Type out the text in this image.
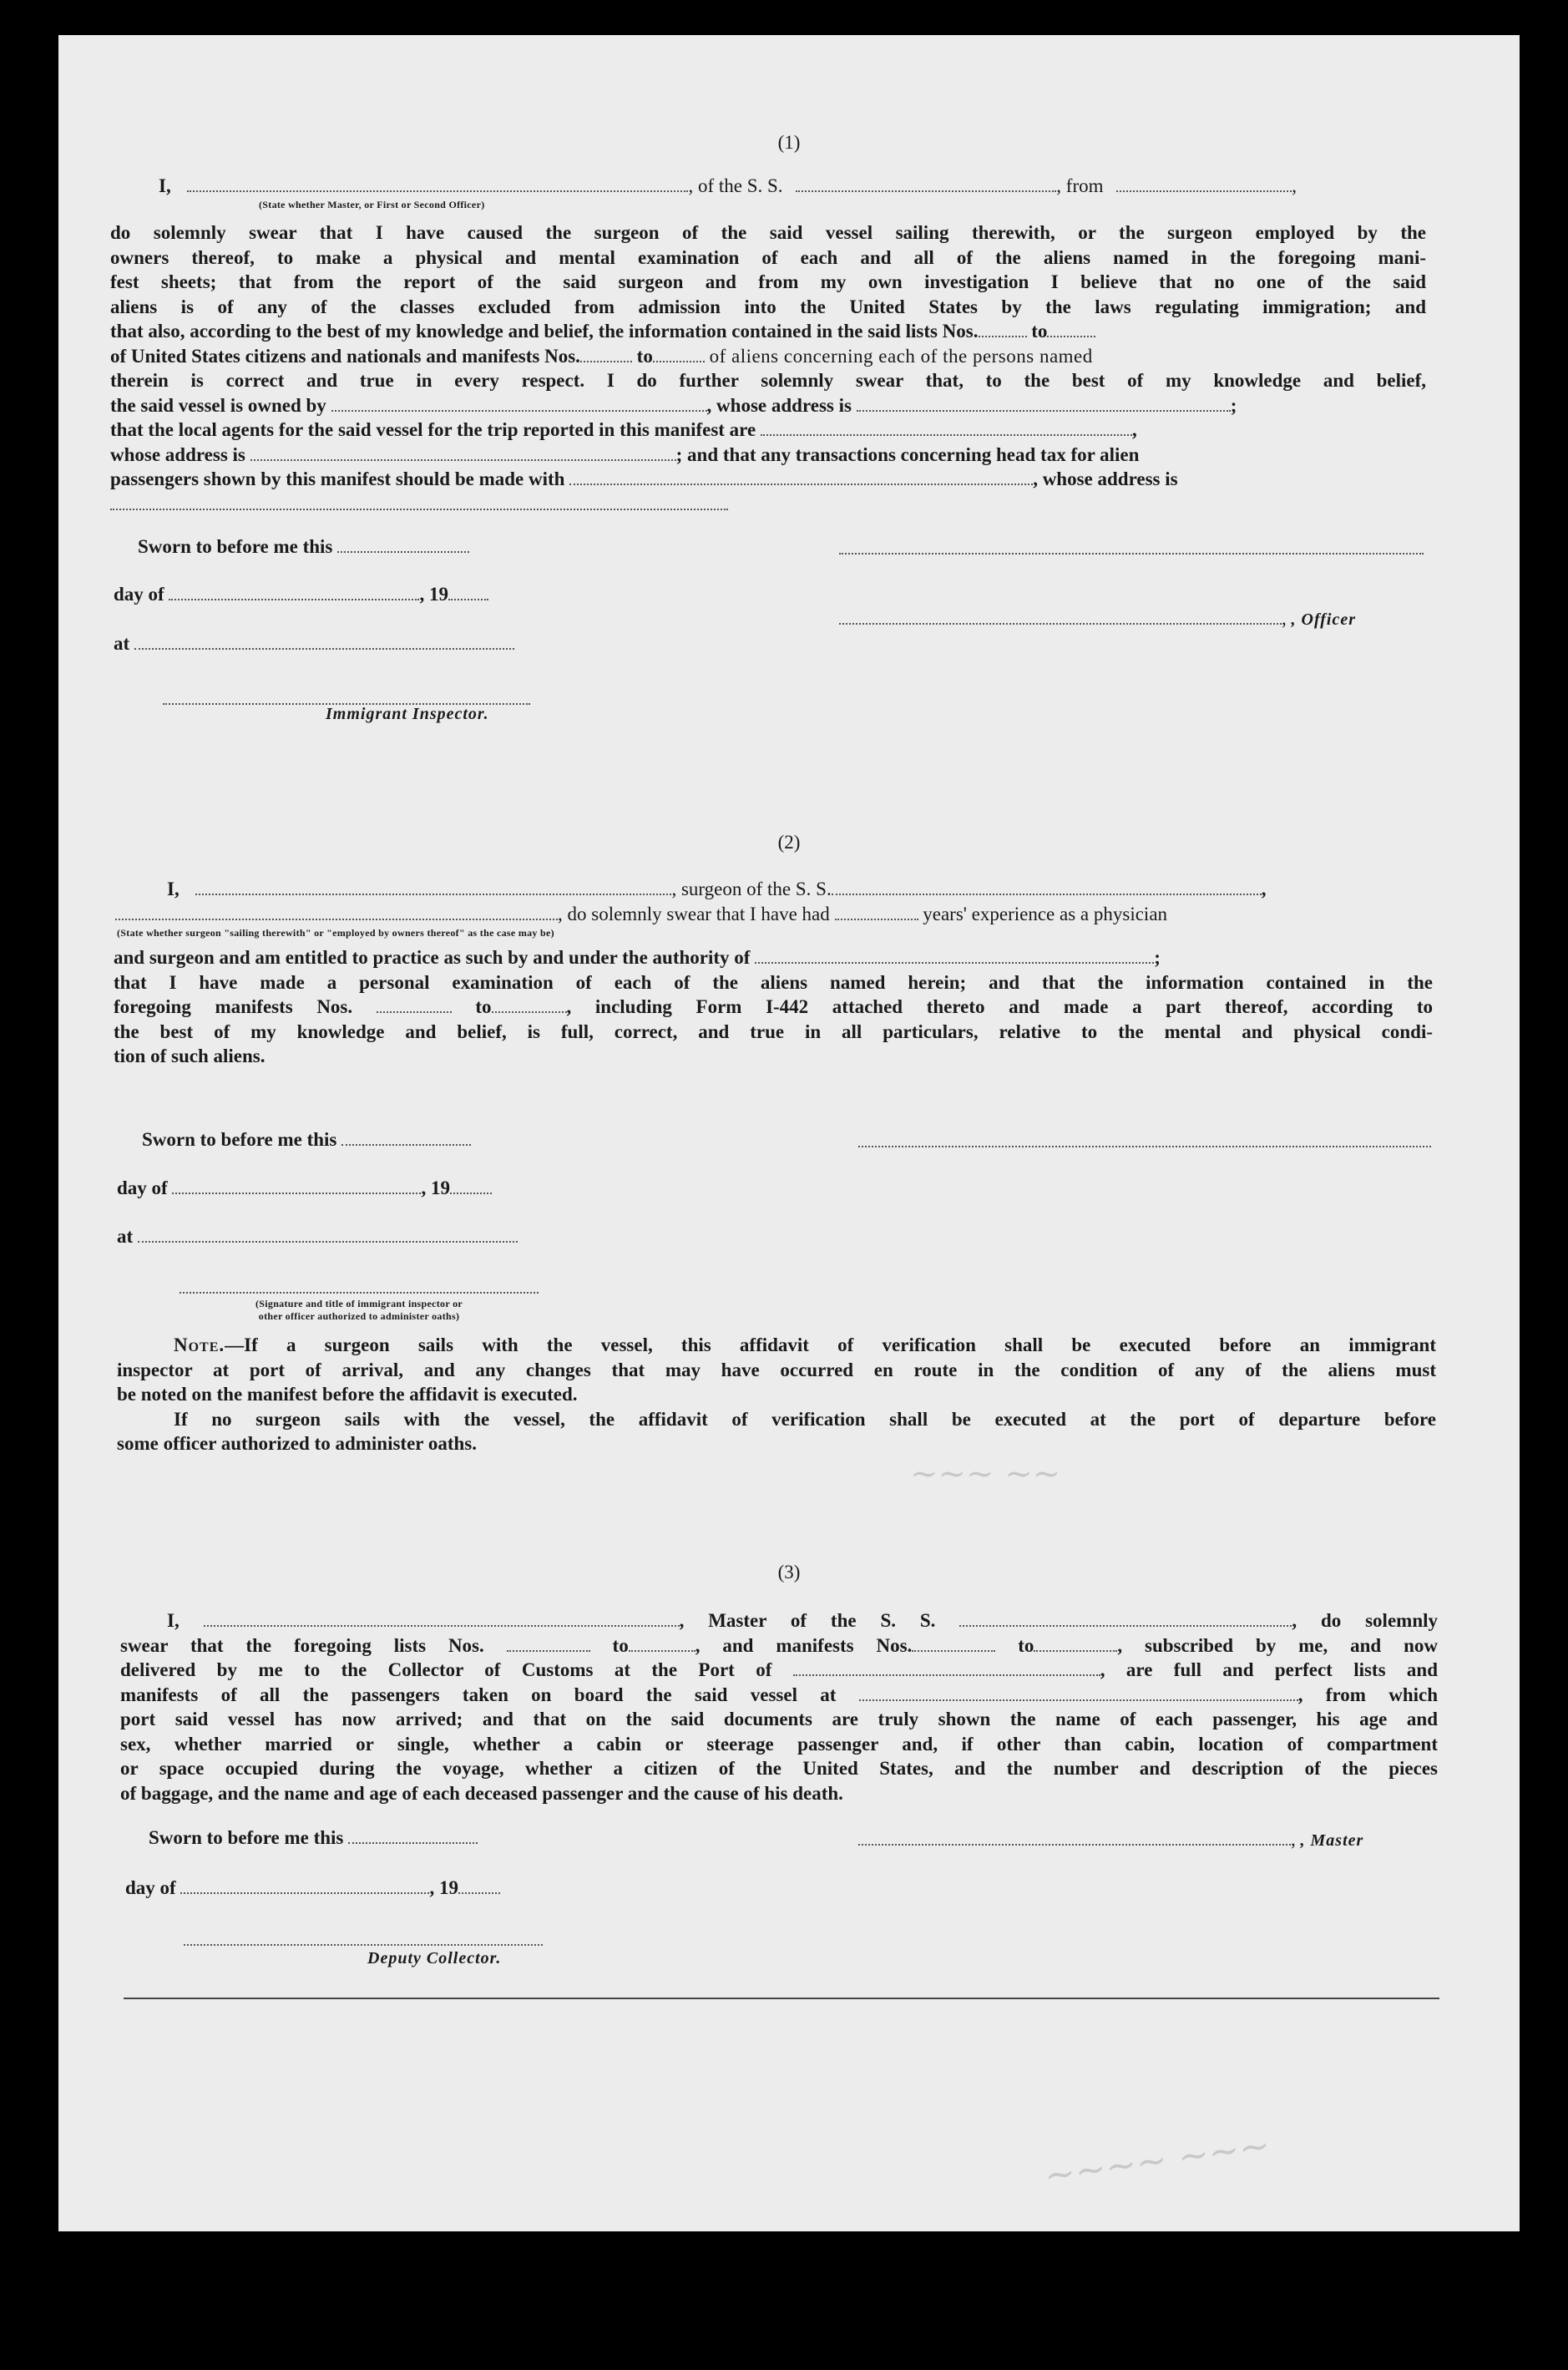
~~~~ ~~~
~~~ ~~
(1)
I,	, of the S. S.	, from	,
(State whether Master, or First or Second Officer)
do solemnly swear that I have caused the surgeon of the said vessel sailing therewith, or the surgeon employed by the
owners thereof, to make a physical and mental examination of each and all of the aliens named in the foregoing mani-
fest sheets; that from the report of the said surgeon and from my own investigation I believe that no one of the said
aliens is of any of the classes excluded from admission into the United States by the laws regulating immigration; and
that also, according to the best of my knowledge and belief, the information contained in the said lists Nos.	to
of United States citizens and nationals and manifests Nos.	to	of aliens concerning each of the persons named
therein is correct and true in every respect. I do further solemnly swear that, to the best of my knowledge and belief,
the said vessel is owned by	, whose address is	;
that the local agents for the said vessel for the trip reported in this manifest are	,
whose address is	; and that any transactions concerning head tax for alien
passengers shown by this manifest should be made with	, whose address is
Sworn to before me this
day of	, 19
, , Officer
at
Immigrant Inspector.
(2)
I,	, surgeon of the S. S.	,
, do solemnly swear that I have had	years' experience as a physician
(State whether surgeon "sailing therewith" or "employed by owners thereof" as the case may be)
and surgeon and am entitled to practice as such by and under the authority of	;
that I have made a personal examination of each of the aliens named herein; and that the information contained in the
foregoing manifests Nos.	to	, including Form I-442 attached thereto and made a part thereof, according to
the best of my knowledge and belief, is full, correct, and true in all particulars, relative to the mental and physical condi-
tion of such aliens.
Sworn to before me this
day of	, 19
at
(Signature and title of immigrant inspector or
other officer authorized to administer oaths)
Note.—If a surgeon sails with the vessel, this affidavit of verification shall be executed before an immigrant
inspector at port of arrival, and any changes that may have occurred en route in the condition of any of the aliens must
be noted on the manifest before the affidavit is executed.
If no surgeon sails with the vessel, the affidavit of verification shall be executed at the port of departure before
some officer authorized to administer oaths.
(3)
I,	, Master of the S. S.	, do solemnly
swear that the foregoing lists Nos.	to	, and manifests Nos.	to	, subscribed by me, and now
delivered by me to the Collector of Customs at the Port of	, are full and perfect lists and
manifests of all the passengers taken on board the said vessel at	, from which
port said vessel has now arrived; and that on the said documents are truly shown the name of each passenger, his age and
sex, whether married or single, whether a cabin or steerage passenger and, if other than cabin, location of compartment
or space occupied during the voyage, whether a citizen of the United States, and the number and description of the pieces
of baggage, and the name and age of each deceased passenger and the cause of his death.
Sworn to before me this	, , Master
day of	, 19
Deputy Collector.
